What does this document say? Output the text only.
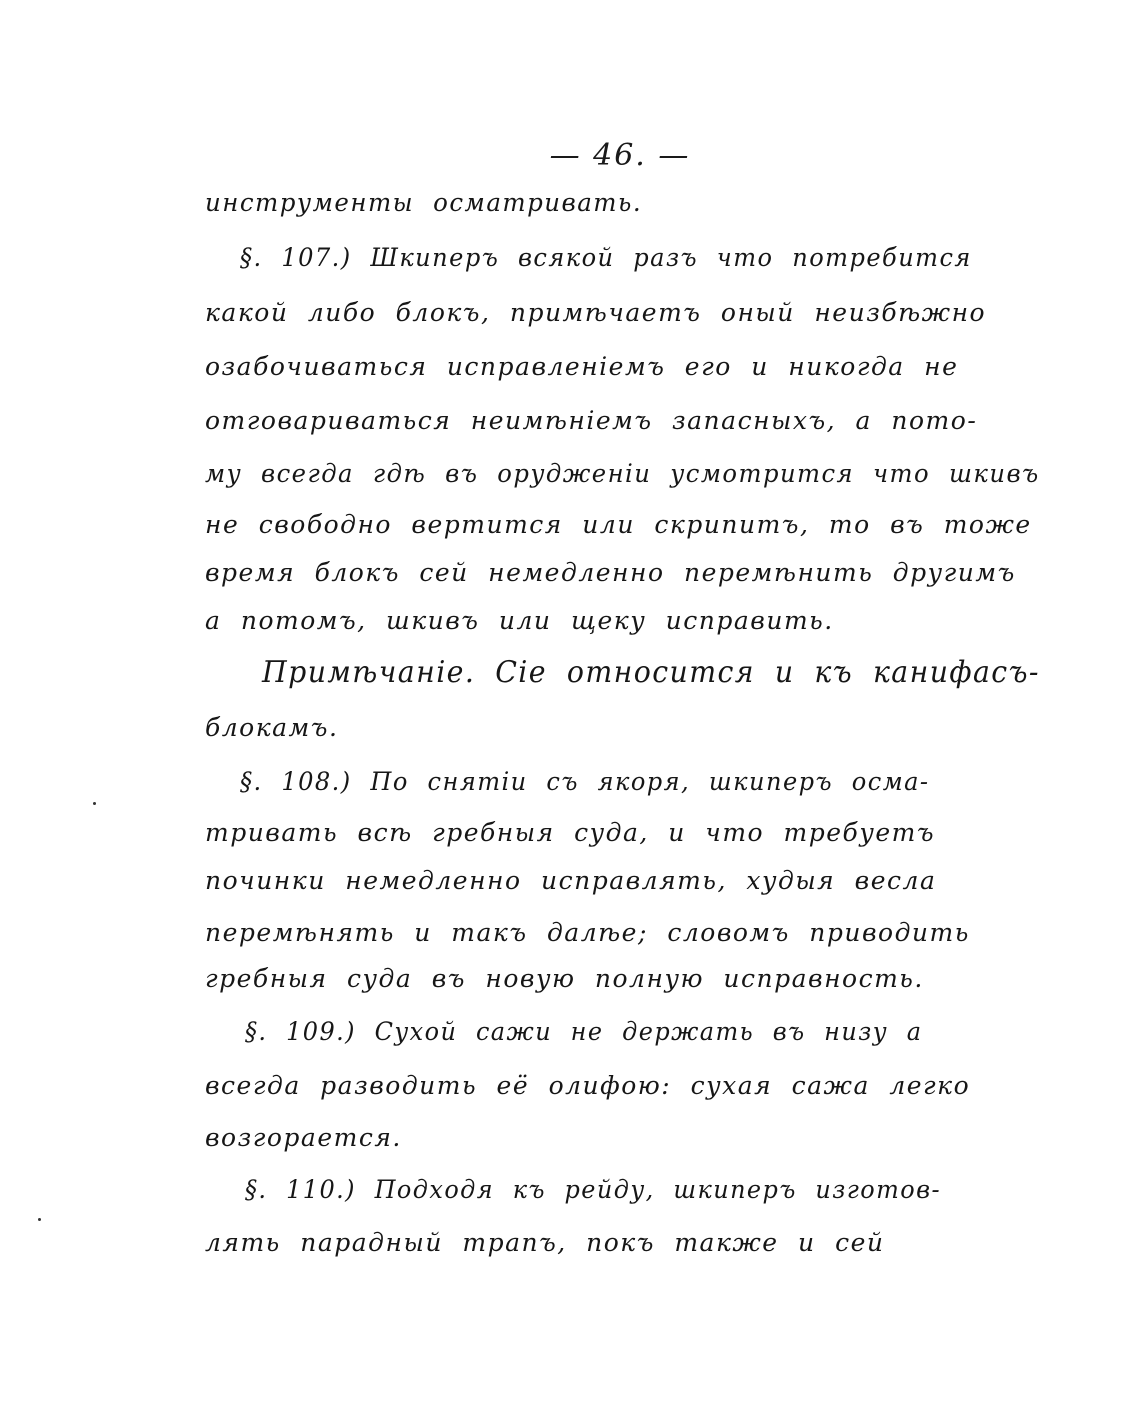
— 46. —
инструменты осматривать.
§. 107.) Шкиперъ всякой разъ что потребится
какой либо блокъ, примѣчаетъ оный неизбѣжно
озабочиваться исправленіемъ его и никогда не
отговариваться неимѣніемъ запасныхъ, а пото-
му всегда гдѣ въ орудженіи усмотрится что шкивъ
не свободно вертится или скрипитъ, то въ тоже
время блокъ сей немедленно перемѣнить другимъ
а потомъ, шкивъ или щеку исправить.
Примѣчаніе. Сіе относится и къ канифасъ-
блокамъ.
§. 108.) По снятіи съ якоря, шкиперъ осма-
тривать всѣ гребныя суда, и что требуетъ
починки немедленно исправлять, худыя весла
перемѣнять и такъ далѣе; словомъ приводить
гребныя суда въ новую полную исправность.
§. 109.) Сухой сажи не держать въ низу а
всегда разводить её олифою: сухая сажа легко
возгорается.
§. 110.) Подходя къ рейду, шкиперъ изготов-
лять парадный трапъ, покъ также и сей
